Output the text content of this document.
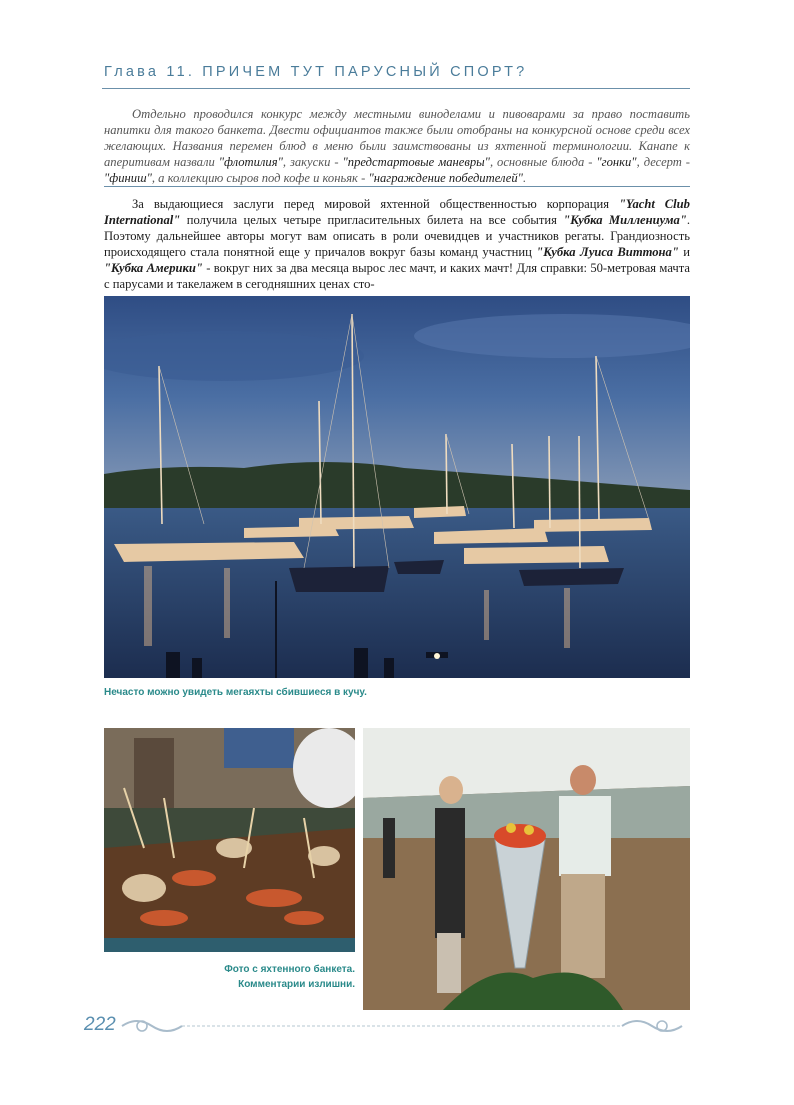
Глава 11. ПРИЧЕМ ТУТ ПАРУСНЫЙ СПОРТ?
Отдельно проводился конкурс между местными виноделами и пивоварами за право поставить напитки для такого банкета. Двести официантов также были отобраны на конкурсной основе среди всех желающих. Названия перемен блюд в меню были заимствованы из яхтенной терминологии. Канапе к аперитивам назвали "флотилия", закуски - "предстартовые маневры", основные блюда - "гонки", десерт - "финиш", а коллекцию сыров под кофе и коньяк - "награждение победителей".
За выдающиеся заслуги перед мировой яхтенной общественностью корпорация "Yacht Club International" получила целых четыре пригласительных билета на все события "Кубка Миллениума". Поэтому дальнейшее авторы могут вам описать в роли очевидцев и участников регаты. Грандиозность происходящего стала понятной еще у причалов вокруг базы команд участниц "Кубка Луиса Виттона" и "Кубка Америки" - вокруг них за два месяца вырос лес мачт, и каких мачт! Для справки: 50-метровая мачта с парусами и такелажем в сегодняшних ценах сто-
Нечасто можно увидеть мегаяхты сбившиеся в кучу.
Фото с яхтенного банкета.
Комментарии излишни.
222
